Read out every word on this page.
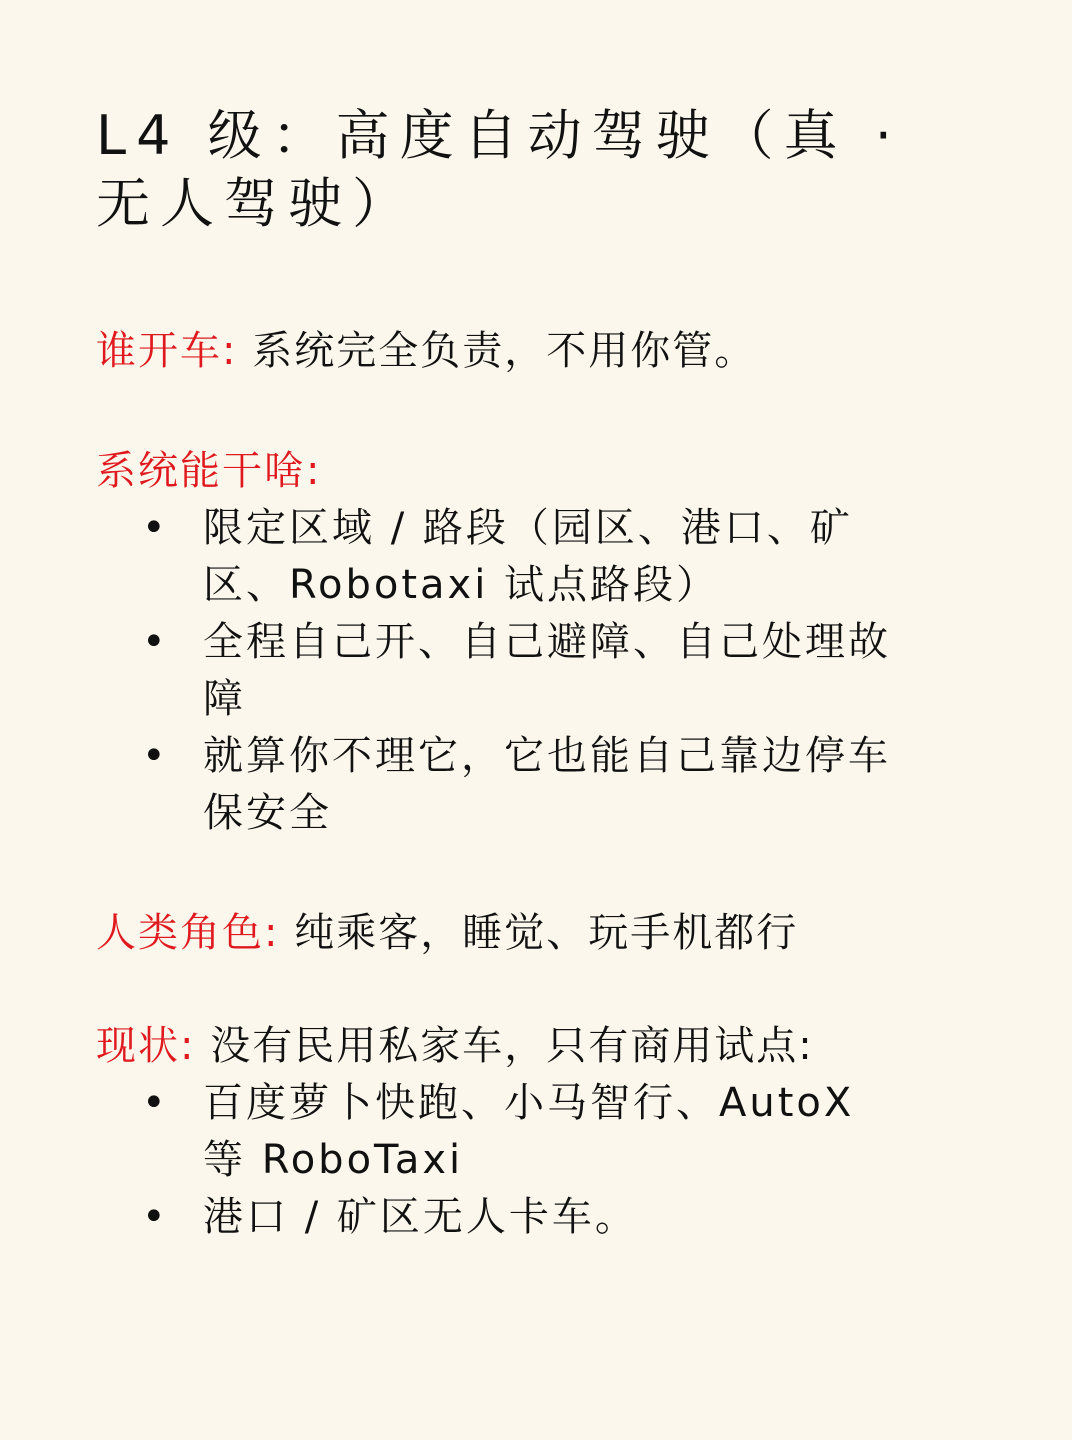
L4 级：高度自动驾驶（真 · 无人驾驶）

谁开车: 系统完全负责，不用你管。

系统能干啥:

• 限定区域 / 路段（园区、港口、矿区、Robotaxi 试点路段）
• 全程自己开、自己避障、自己处理故障
• 就算你不理它，它也能自己靠边停车保安全

人类角色: 纯乘客，睡觉、玩手机都行

现状: 没有民用私家车，只有商用试点:

• 百度萝卜快跑、小马智行、AutoX 等 RoboTaxi
• 港口 / 矿区无人卡车。
